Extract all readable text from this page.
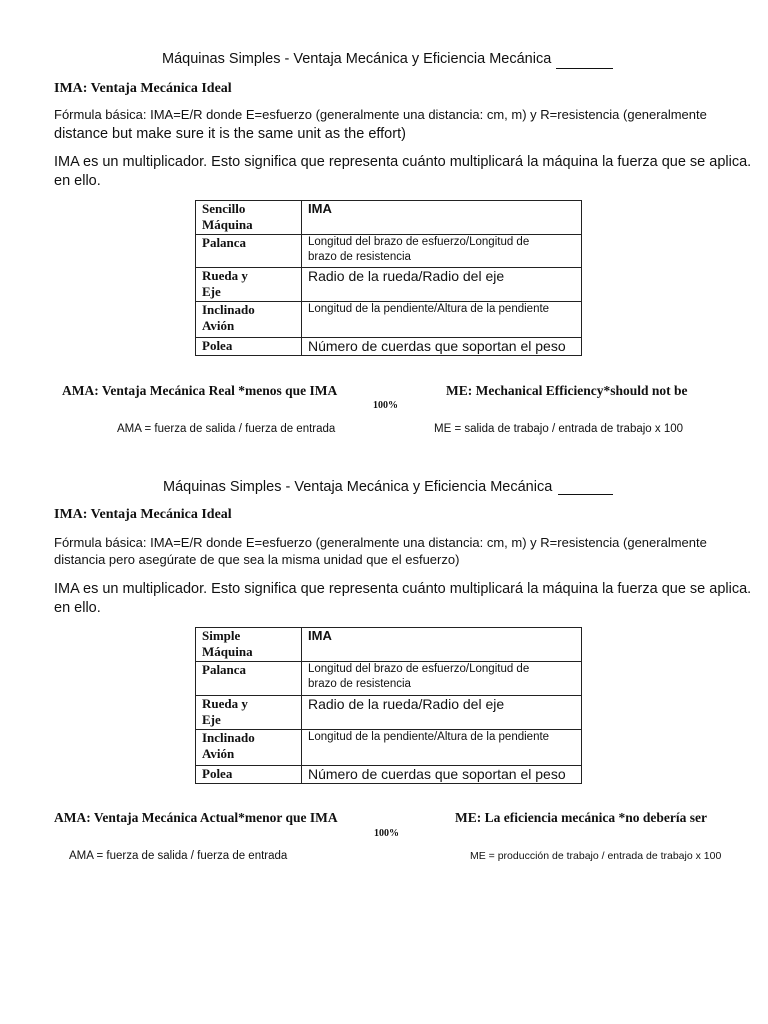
Máquinas Simples - Ventaja Mecánica y Eficiencia Mecánica
IMA: Ventaja Mecánica Ideal
Fórmula básica: IMA=E/R donde E=esfuerzo (generalmente una distancia: cm, m) y R=resistencia (generalmente
distance but make sure it is the same unit as the effort)
IMA es un multiplicador. Esto significa que representa cuánto multiplicará la máquina la fuerza que se aplica.
en ello.
Sencillo
Máquina	IMA

Palanca	Longitud del brazo de esfuerzo/Longitud de
brazo de resistencia

Rueda y
Eje	Radio de la rueda/Radio del eje

Inclinado
Avión	Longitud de la pendiente/Altura de la pendiente

Polea	Número de cuerdas que soportan el peso
AMA: Ventaja Mecánica Real *menos que IMA	ME: Mechanical Efficiency*should not be
100%
AMA = fuerza de salida / fuerza de entrada	ME = salida de trabajo / entrada de trabajo x 100
Máquinas Simples - Ventaja Mecánica y Eficiencia Mecánica
IMA: Ventaja Mecánica Ideal
Fórmula básica: IMA=E/R donde E=esfuerzo (generalmente una distancia: cm, m) y R=resistencia (generalmente
distancia pero asegúrate de que sea la misma unidad que el esfuerzo)
IMA es un multiplicador. Esto significa que representa cuánto multiplicará la máquina la fuerza que se aplica.
en ello.
Simple
Máquina	IMA

Palanca	Longitud del brazo de esfuerzo/Longitud de
brazo de resistencia

Rueda y
Eje	Radio de la rueda/Radio del eje

Inclinado
Avión	Longitud de la pendiente/Altura de la pendiente

Polea	Número de cuerdas que soportan el peso
AMA: Ventaja Mecánica Actual*menor que IMA	ME: La eficiencia mecánica *no debería ser
100%
AMA = fuerza de salida / fuerza de entrada	ME = producción de trabajo / entrada de trabajo x 100
